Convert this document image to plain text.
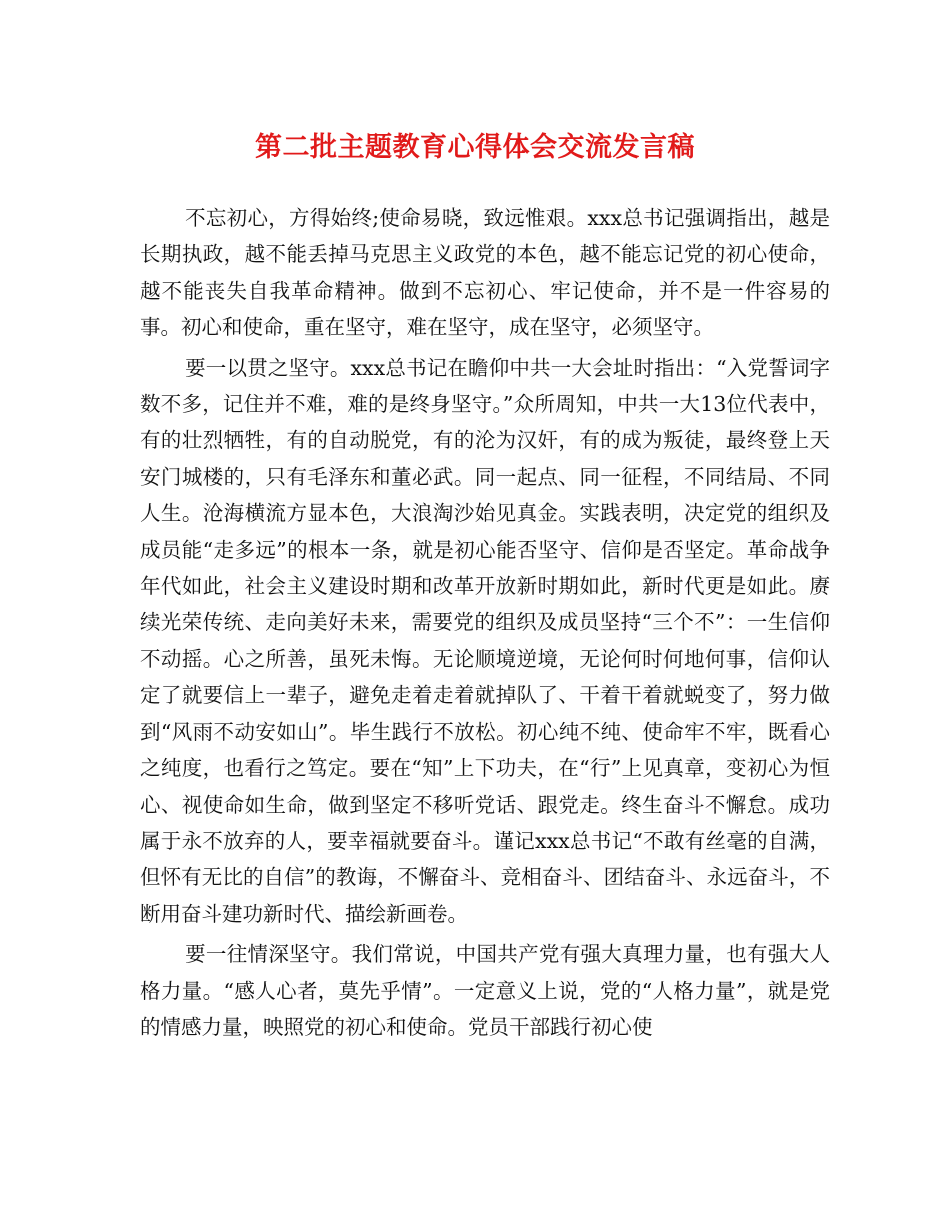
第二批主题教育心得体会交流发言稿

不忘初心，方得始终;使命易晓，致远惟艰。xxx总书记强调指出，越是长期执政，越不能丢掉马克思主义政党的本色，越不能忘记党的初心使命，越不能丧失自我革命精神。做到不忘初心、牢记使命，并不是一件容易的事。初心和使命，重在坚守，难在坚守，成在坚守，必须坚守。

要一以贯之坚守。xxx总书记在瞻仰中共一大会址时指出：“入党誓词字数不多，记住并不难，难的是终身坚守。”众所周知，中共一大13位代表中，有的壮烈牺牲，有的自动脱党，有的沦为汉奸，有的成为叛徒，最终登上天安门城楼的，只有毛泽东和董必武。同一起点、同一征程，不同结局、不同人生。沧海横流方显本色，大浪淘沙始见真金。实践表明，决定党的组织及成员能“走多远”的根本一条，就是初心能否坚守、信仰是否坚定。革命战争年代如此，社会主义建设时期和改革开放新时期如此，新时代更是如此。赓续光荣传统、走向美好未来，需要党的组织及成员坚持“三个不”：一生信仰不动摇。心之所善，虽死未悔。无论顺境逆境，无论何时何地何事，信仰认定了就要信上一辈子，避免走着走着就掉队了、干着干着就蜕变了，努力做到“风雨不动安如山”。毕生践行不放松。初心纯不纯、使命牢不牢，既看心之纯度，也看行之笃定。要在“知”上下功夫，在“行”上见真章，变初心为恒心、视使命如生命，做到坚定不移听党话、跟党走。终生奋斗不懈怠。成功属于永不放弃的人，要幸福就要奋斗。谨记xxx总书记“不敢有丝毫的自满，但怀有无比的自信”的教诲，不懈奋斗、竞相奋斗、团结奋斗、永远奋斗，不断用奋斗建功新时代、描绘新画卷。

要一往情深坚守。我们常说，中国共产党有强大真理力量，也有强大人格力量。“感人心者，莫先乎情”。一定意义上说，党的“人格力量”，就是党的情感力量，映照党的初心和使命。党员干部践行初心使
